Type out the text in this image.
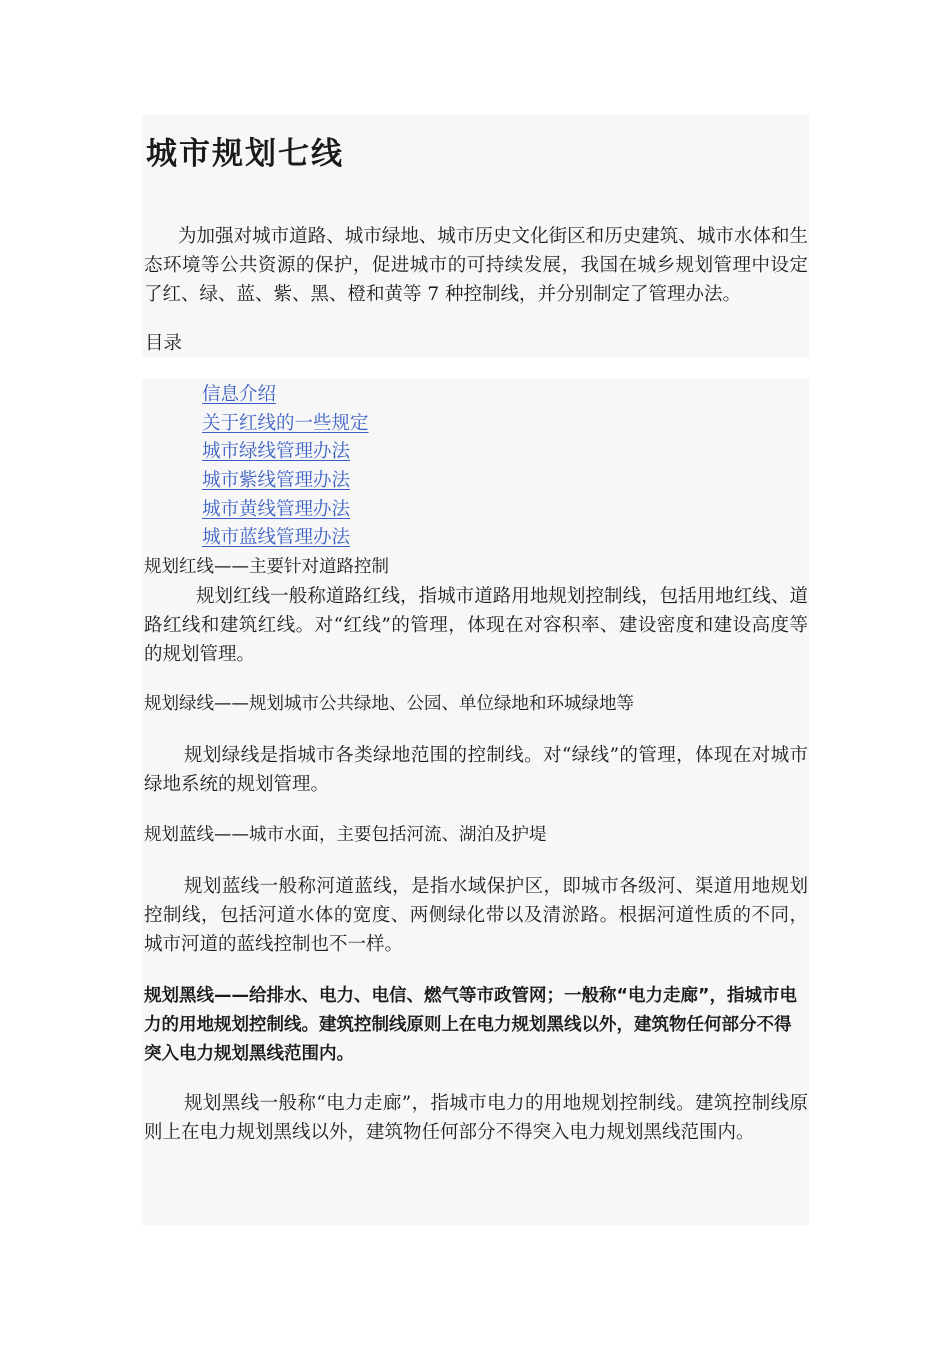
城市规划七线

为加强对城市道路、城市绿地、城市历史文化街区和历史建筑、城市水体和生态环境等公共资源的保护，促进城市的可持续发展，我国在城乡规划管理中设定了红、绿、蓝、紫、黑、橙和黄等 7 种控制线，并分别制定了管理办法。

目录
信息介绍
关于红线的一些规定
城市绿线管理办法
城市紫线管理办法
城市黄线管理办法
城市蓝线管理办法
规划红线——主要针对道路控制

规划红线一般称道路红线，指城市道路用地规划控制线，包括用地红线、道路红线和建筑红线。对“红线”的管理，体现在对容积率、建设密度和建设高度等的规划管理。

规划绿线——规划城市公共绿地、公园、单位绿地和环城绿地等

规划绿线是指城市各类绿地范围的控制线。对“绿线”的管理，体现在对城市绿地系统的规划管理。

规划蓝线——城市水面，主要包括河流、湖泊及护堤

规划蓝线一般称河道蓝线，是指水域保护区，即城市各级河、渠道用地规划控制线，包括河道水体的宽度、两侧绿化带以及清淤路。根据河道性质的不同，城市河道的蓝线控制也不一样。

规划黑线——给排水、电力、电信、燃气等市政管网；一般称“电力走廊”，指城市电力的用地规划控制线。建筑控制线原则上在电力规划黑线以外，建筑物任何部分不得突入电力规划黑线范围内。

规划黑线一般称“电力走廊”，指城市电力的用地规划控制线。建筑控制线原则上在电力规划黑线以外，建筑物任何部分不得突入电力规划黑线范围内。
